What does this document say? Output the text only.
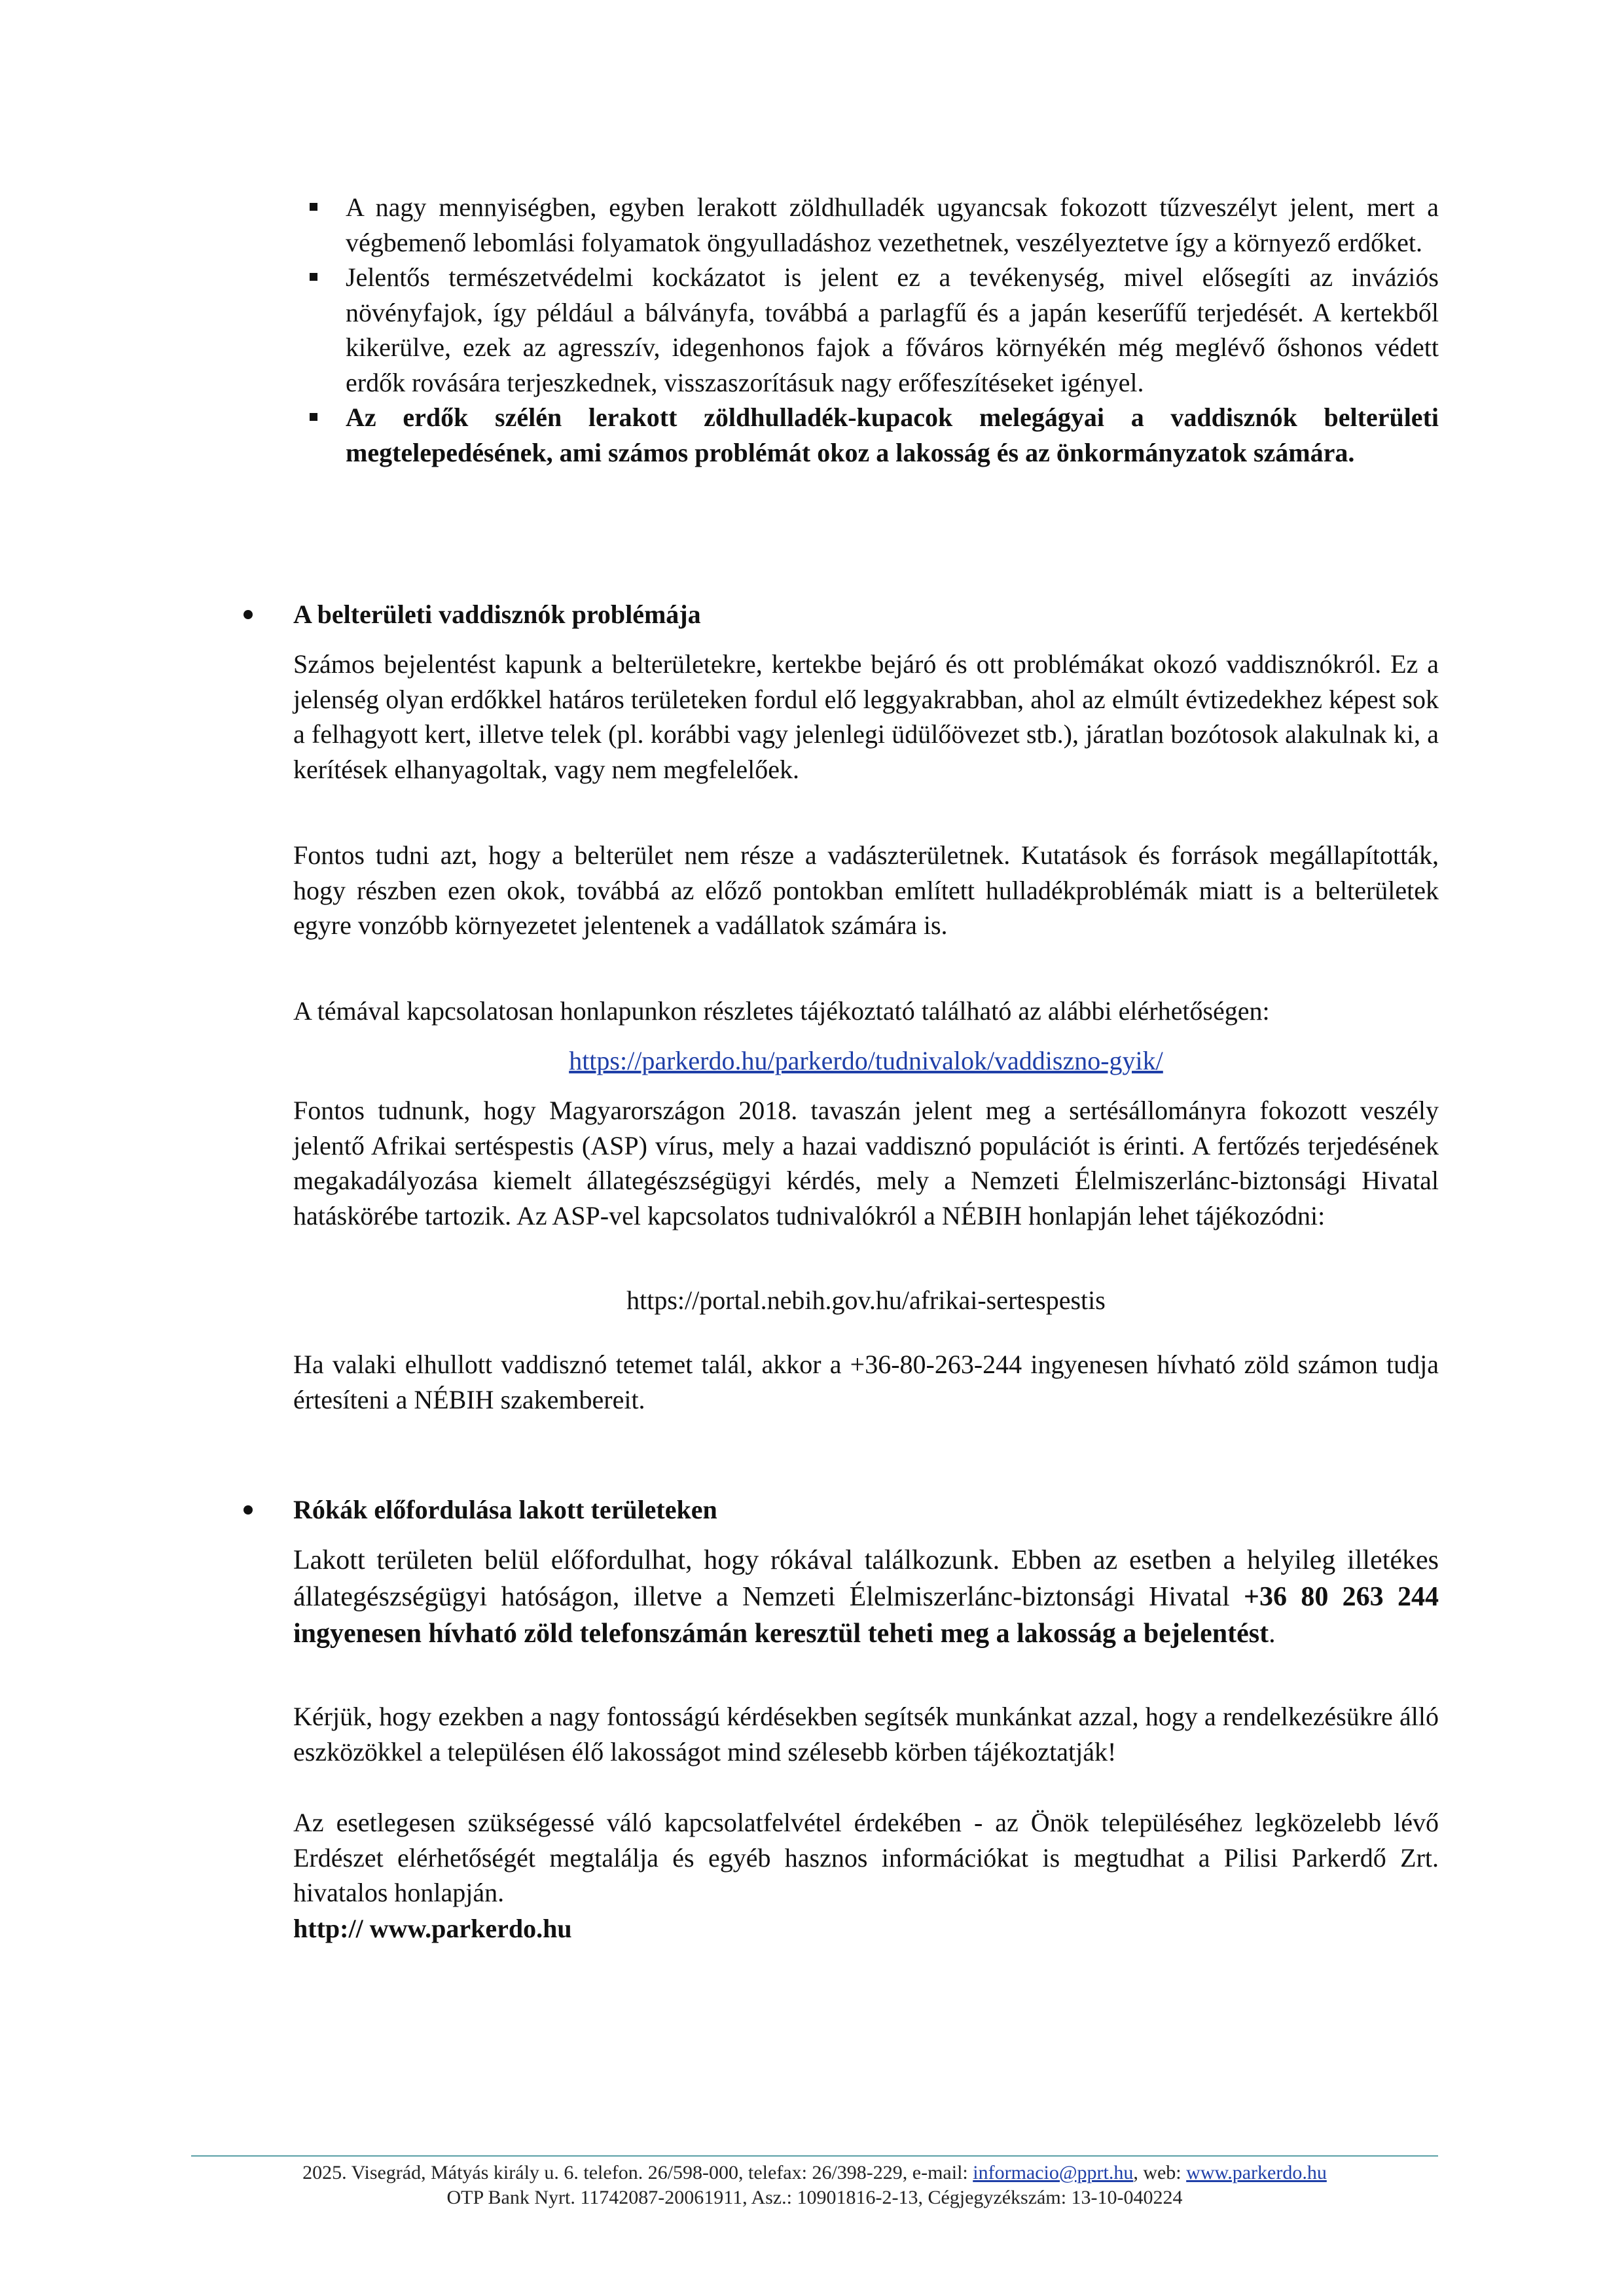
A nagy mennyiségben, egyben lerakott zöldhulladék ugyancsak fokozott tűzveszélyt jelent, mert a végbemenő lebomlási folyamatok öngyulladáshoz vezethetnek, veszélyeztetve így a környező erdőket.
Jelentős természetvédelmi kockázatot is jelent ez a tevékenység, mivel elősegíti az inváziós növényfajok, így például a bálványfa, továbbá a parlagfű és a japán keserűfű terjedését. A kertekből kikerülve, ezek az agresszív, idegenhonos fajok a főváros környékén még meglévő őshonos védett erdők rovására terjeszkednek, visszaszorításuk nagy erőfeszítéseket igényel.
Az erdők szélén lerakott zöldhulladék-kupacok melegágyai a vaddisznók belterületi megtelepedésének, ami számos problémát okoz a lakosság és az önkormányzatok számára.
A belterületi vaddisznók problémája

Számos bejelentést kapunk a belterületekre, kertekbe bejáró és ott problémákat okozó vaddisznókról. Ez a jelenség olyan erdőkkel határos területeken fordul elő leggyakrabban, ahol az elmúlt évtizedekhez képest sok a felhagyott kert, illetve telek (pl. korábbi vagy jelenlegi üdülőövezet stb.), járatlan bozótosok alakulnak ki, a kerítések elhanyagoltak, vagy nem megfelelőek.

Fontos tudni azt, hogy a belterület nem része a vadászterületnek. Kutatások és források megállapították, hogy részben ezen okok, továbbá az előző pontokban említett hulladékproblémák miatt is a belterületek egyre vonzóbb környezetet jelentenek a vadállatok számára is.

A témával kapcsolatosan honlapunkon részletes tájékoztató található az alábbi elérhetőségen:

https://parkerdo.hu/parkerdo/tudnivalok/vaddiszno-gyik/

Fontos tudnunk, hogy Magyarországon 2018. tavaszán jelent meg a sertésállományra fokozott veszély jelentő Afrikai sertéspestis (ASP) vírus, mely a hazai vaddisznó populációt is érinti. A fertőzés terjedésének megakadályozása kiemelt állategészségügyi kérdés, mely a Nemzeti Élelmiszerlánc-biztonsági Hivatal hatáskörébe tartozik. Az ASP-vel kapcsolatos tudnivalókról a NÉBIH honlapján lehet tájékozódni:

https://portal.nebih.gov.hu/afrikai-sertespestis

Ha valaki elhullott vaddisznó tetemet talál, akkor a +36-80-263-244 ingyenesen hívható zöld számon tudja értesíteni a NÉBIH szakembereit.

Rókák előfordulása lakott területeken

Lakott területen belül előfordulhat, hogy rókával találkozunk. Ebben az esetben a helyileg illetékes állategészségügyi hatóságon, illetve a Nemzeti Élelmiszerlánc-biztonsági Hivatal +36 80 263 244 ingyenesen hívható zöld telefonszámán keresztül teheti meg a lakosság a bejelentést.

Kérjük, hogy ezekben a nagy fontosságú kérdésekben segítsék munkánkat azzal, hogy a rendelkezésükre álló eszközökkel a településen élő lakosságot mind szélesebb körben tájékoztatják!

Az esetlegesen szükségessé váló kapcsolatfelvétel érdekében - az Önök településéhez legközelebb lévő Erdészet elérhetőségét megtalálja és egyéb hasznos információkat is megtudhat a Pilisi Parkerdő Zrt. hivatalos honlapján.

http:// www.parkerdo.hu

2025. Visegrád, Mátyás király u. 6. telefon. 26/598-000, telefax: 26/398-229, e-mail: informacio@pprt.hu, web: www.parkerdo.hu
OTP Bank Nyrt. 11742087-20061911, Asz.: 10901816-2-13, Cégjegyzékszám: 13-10-040224
